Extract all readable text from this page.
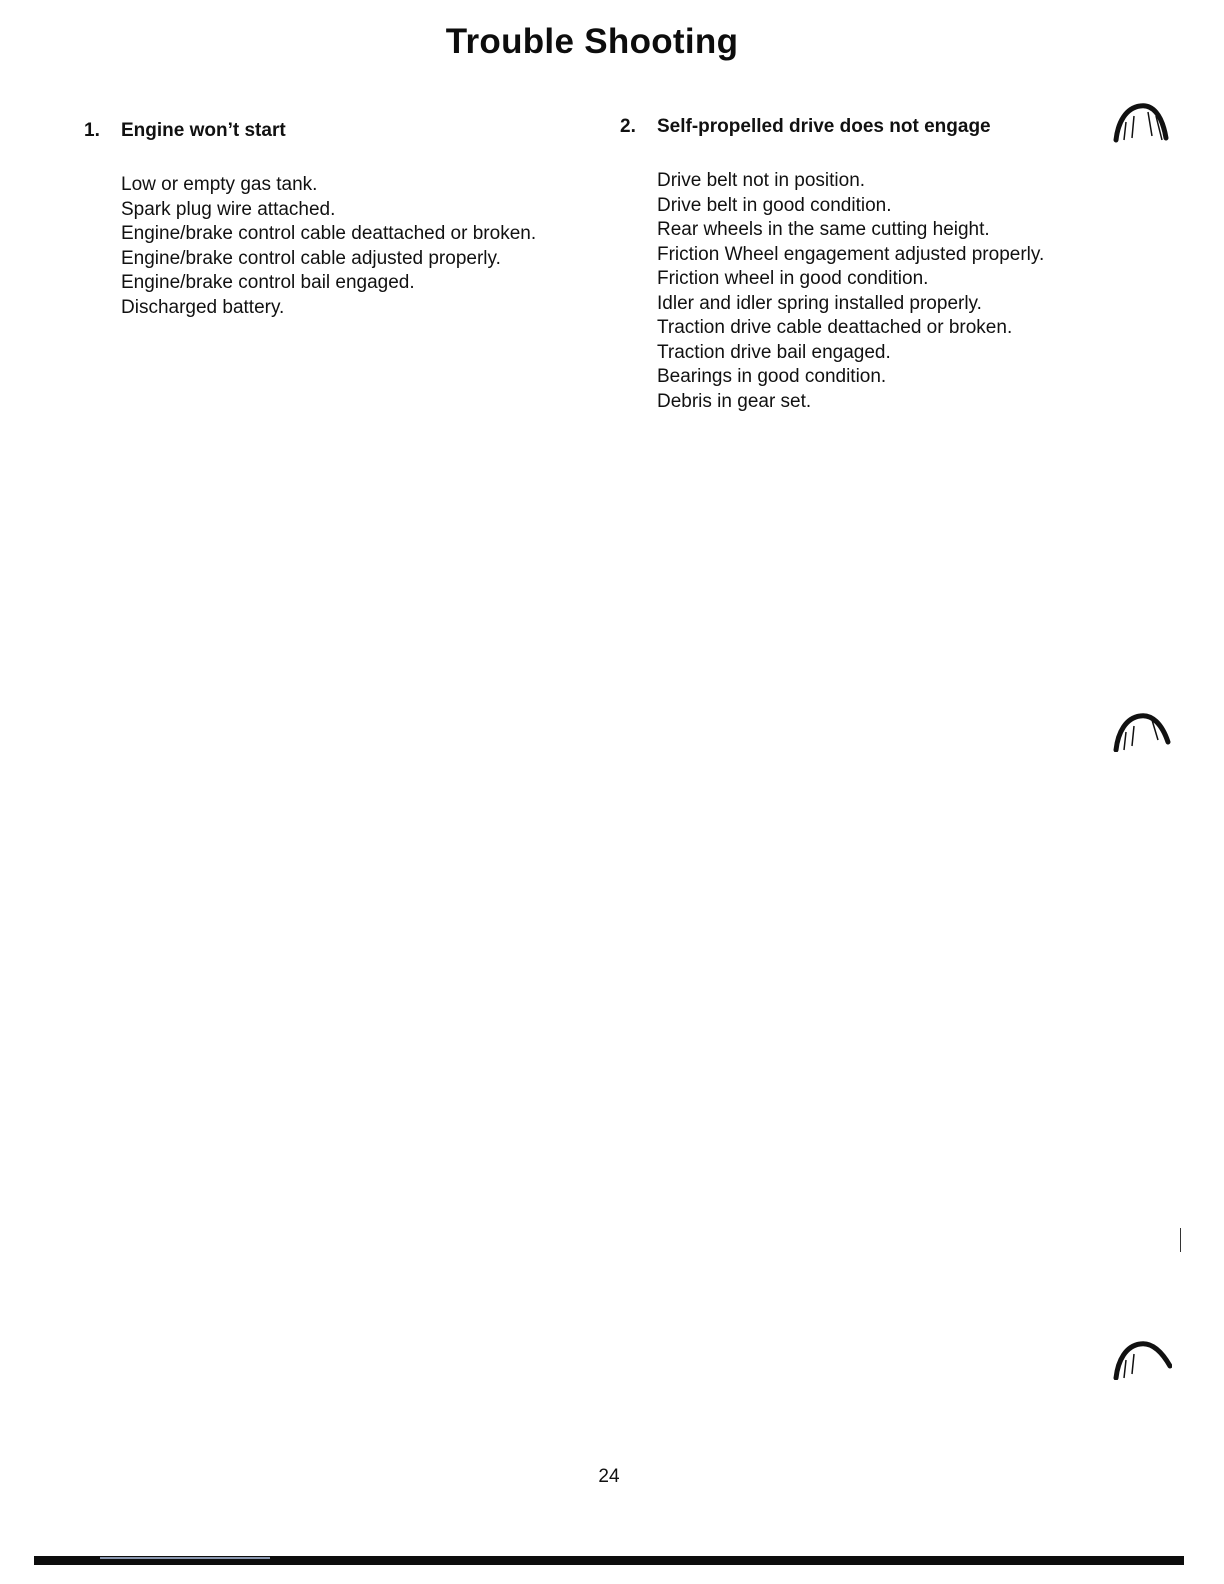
Trouble Shooting
1. Engine won’t start
Low or empty gas tank.
Spark plug wire attached.
Engine/brake control cable deattached or broken.
Engine/brake control cable adjusted properly.
Engine/brake control bail engaged.
Discharged battery.
2. Self-propelled drive does not engage
Drive belt not in position.
Drive belt in good condition.
Rear wheels in the same cutting height.
Friction Wheel engagement adjusted properly.
Friction wheel in good condition.
Idler and idler spring installed properly.
Traction drive cable deattached or broken.
Traction drive bail engaged.
Bearings in good condition.
Debris in gear set.
24
